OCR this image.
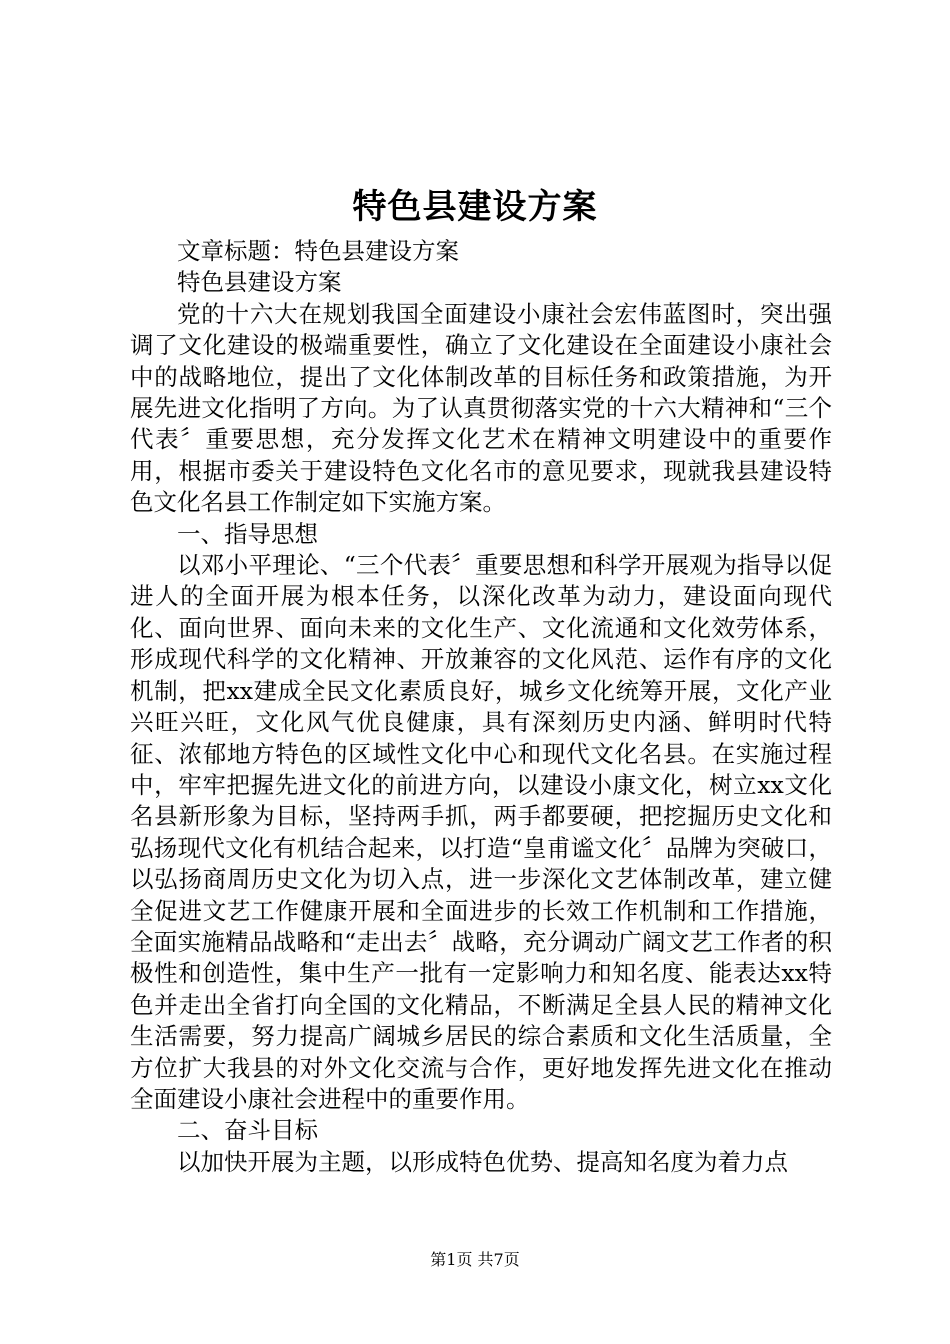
特色县建设方案

文章标题：特色县建设方案

特色县建设方案

党的十六大在规划我国全面建设小康社会宏伟蓝图时，突出强调了文化建设的极端重要性，确立了文化建设在全面建设小康社会中的战略地位，提出了文化体制改革的目标任务和政策措施，为开展先进文化指明了方向。为了认真贯彻落实党的十六大精神和“三个代表〞重要思想，充分发挥文化艺术在精神文明建设中的重要作用，根据市委关于建设特色文化名市的意见要求，现就我县建设特色文化名县工作制定如下实施方案。

一、指导思想

以邓小平理论、“三个代表〞重要思想和科学开展观为指导以促进人的全面开展为根本任务，以深化改革为动力，建设面向现代化、面向世界、面向未来的文化生产、文化流通和文化效劳体系，形成现代科学的文化精神、开放兼容的文化风范、运作有序的文化机制，把xx建成全民文化素质良好，城乡文化统筹开展，文化产业兴旺兴旺，文化风气优良健康，具有深刻历史内涵、鲜明时代特征、浓郁地方特色的区域性文化中心和现代文化名县。在实施过程中，牢牢把握先进文化的前进方向，以建设小康文化，树立xx文化名县新形象为目标，坚持两手抓，两手都要硬，把挖掘历史文化和弘扬现代文化有机结合起来，以打造“皇甫谧文化〞品牌为突破口，以弘扬商周历史文化为切入点，进一步深化文艺体制改革，建立健全促进文艺工作健康开展和全面进步的长效工作机制和工作措施，全面实施精品战略和“走出去〞战略，充分调动广阔文艺工作者的积极性和创造性，集中生产一批有一定影响力和知名度、能表达xx特色并走出全省打向全国的文化精品，不断满足全县人民的精神文化生活需要，努力提高广阔城乡居民的综合素质和文化生活质量，全方位扩大我县的对外文化交流与合作，更好地发挥先进文化在推动全面建设小康社会进程中的重要作用。

二、奋斗目标

以加快开展为主题，以形成特色优势、提高知名度为着力点

第1页 共7页
